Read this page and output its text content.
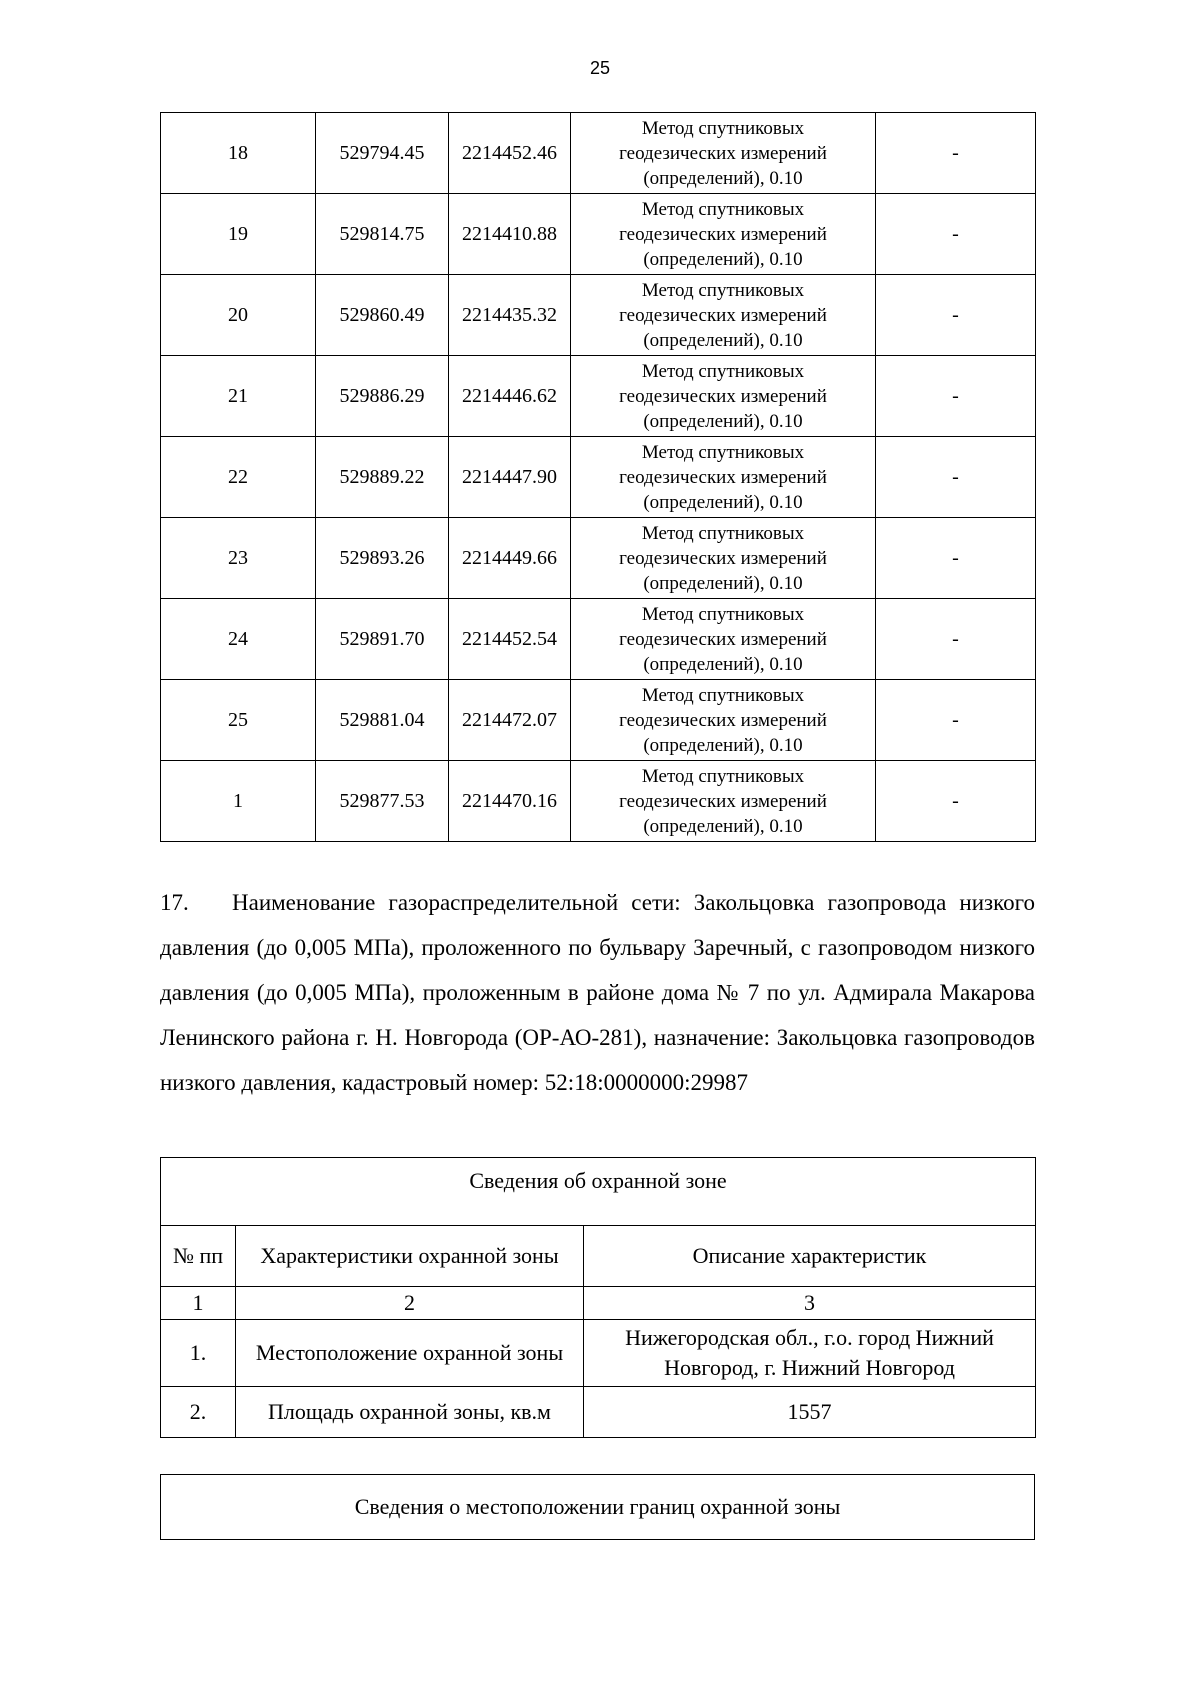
25
18	529794.45	2214452.46	Метод спутниковых геодезических измерений (определений), 0.10	-
19	529814.75	2214410.88	Метод спутниковых геодезических измерений (определений), 0.10	-
20	529860.49	2214435.32	Метод спутниковых геодезических измерений (определений), 0.10	-
21	529886.29	2214446.62	Метод спутниковых геодезических измерений (определений), 0.10	-
22	529889.22	2214447.90	Метод спутниковых геодезических измерений (определений), 0.10	-
23	529893.26	2214449.66	Метод спутниковых геодезических измерений (определений), 0.10	-
24	529891.70	2214452.54	Метод спутниковых геодезических измерений (определений), 0.10	-
25	529881.04	2214472.07	Метод спутниковых геодезических измерений (определений), 0.10	-
1	529877.53	2214470.16	Метод спутниковых геодезических измерений (определений), 0.10	-
17. Наименование газораспределительной сети: Закольцовка газопровода низкого давления (до 0,005 МПа), проложенного по бульвару Заречный, с газопроводом низкого давления (до 0,005 МПа), проложенным в районе дома № 7 по ул. Адмирала Макарова Ленинского района г. Н. Новгорода (ОР-АО-281), назначение: Закольцовка газопроводов низкого давления, кадастровый номер: 52:18:0000000:29987
Сведения об охранной зоне		
№ пп	Характеристики охранной зоны	Описание характеристик
1	2	3
1.	Местоположение охранной зоны	Нижегородская обл., г.о. город Нижний Новгород, г. Нижний Новгород
2.	Площадь охранной зоны, кв.м	1557
Сведения о местоположении границ охранной зоны
